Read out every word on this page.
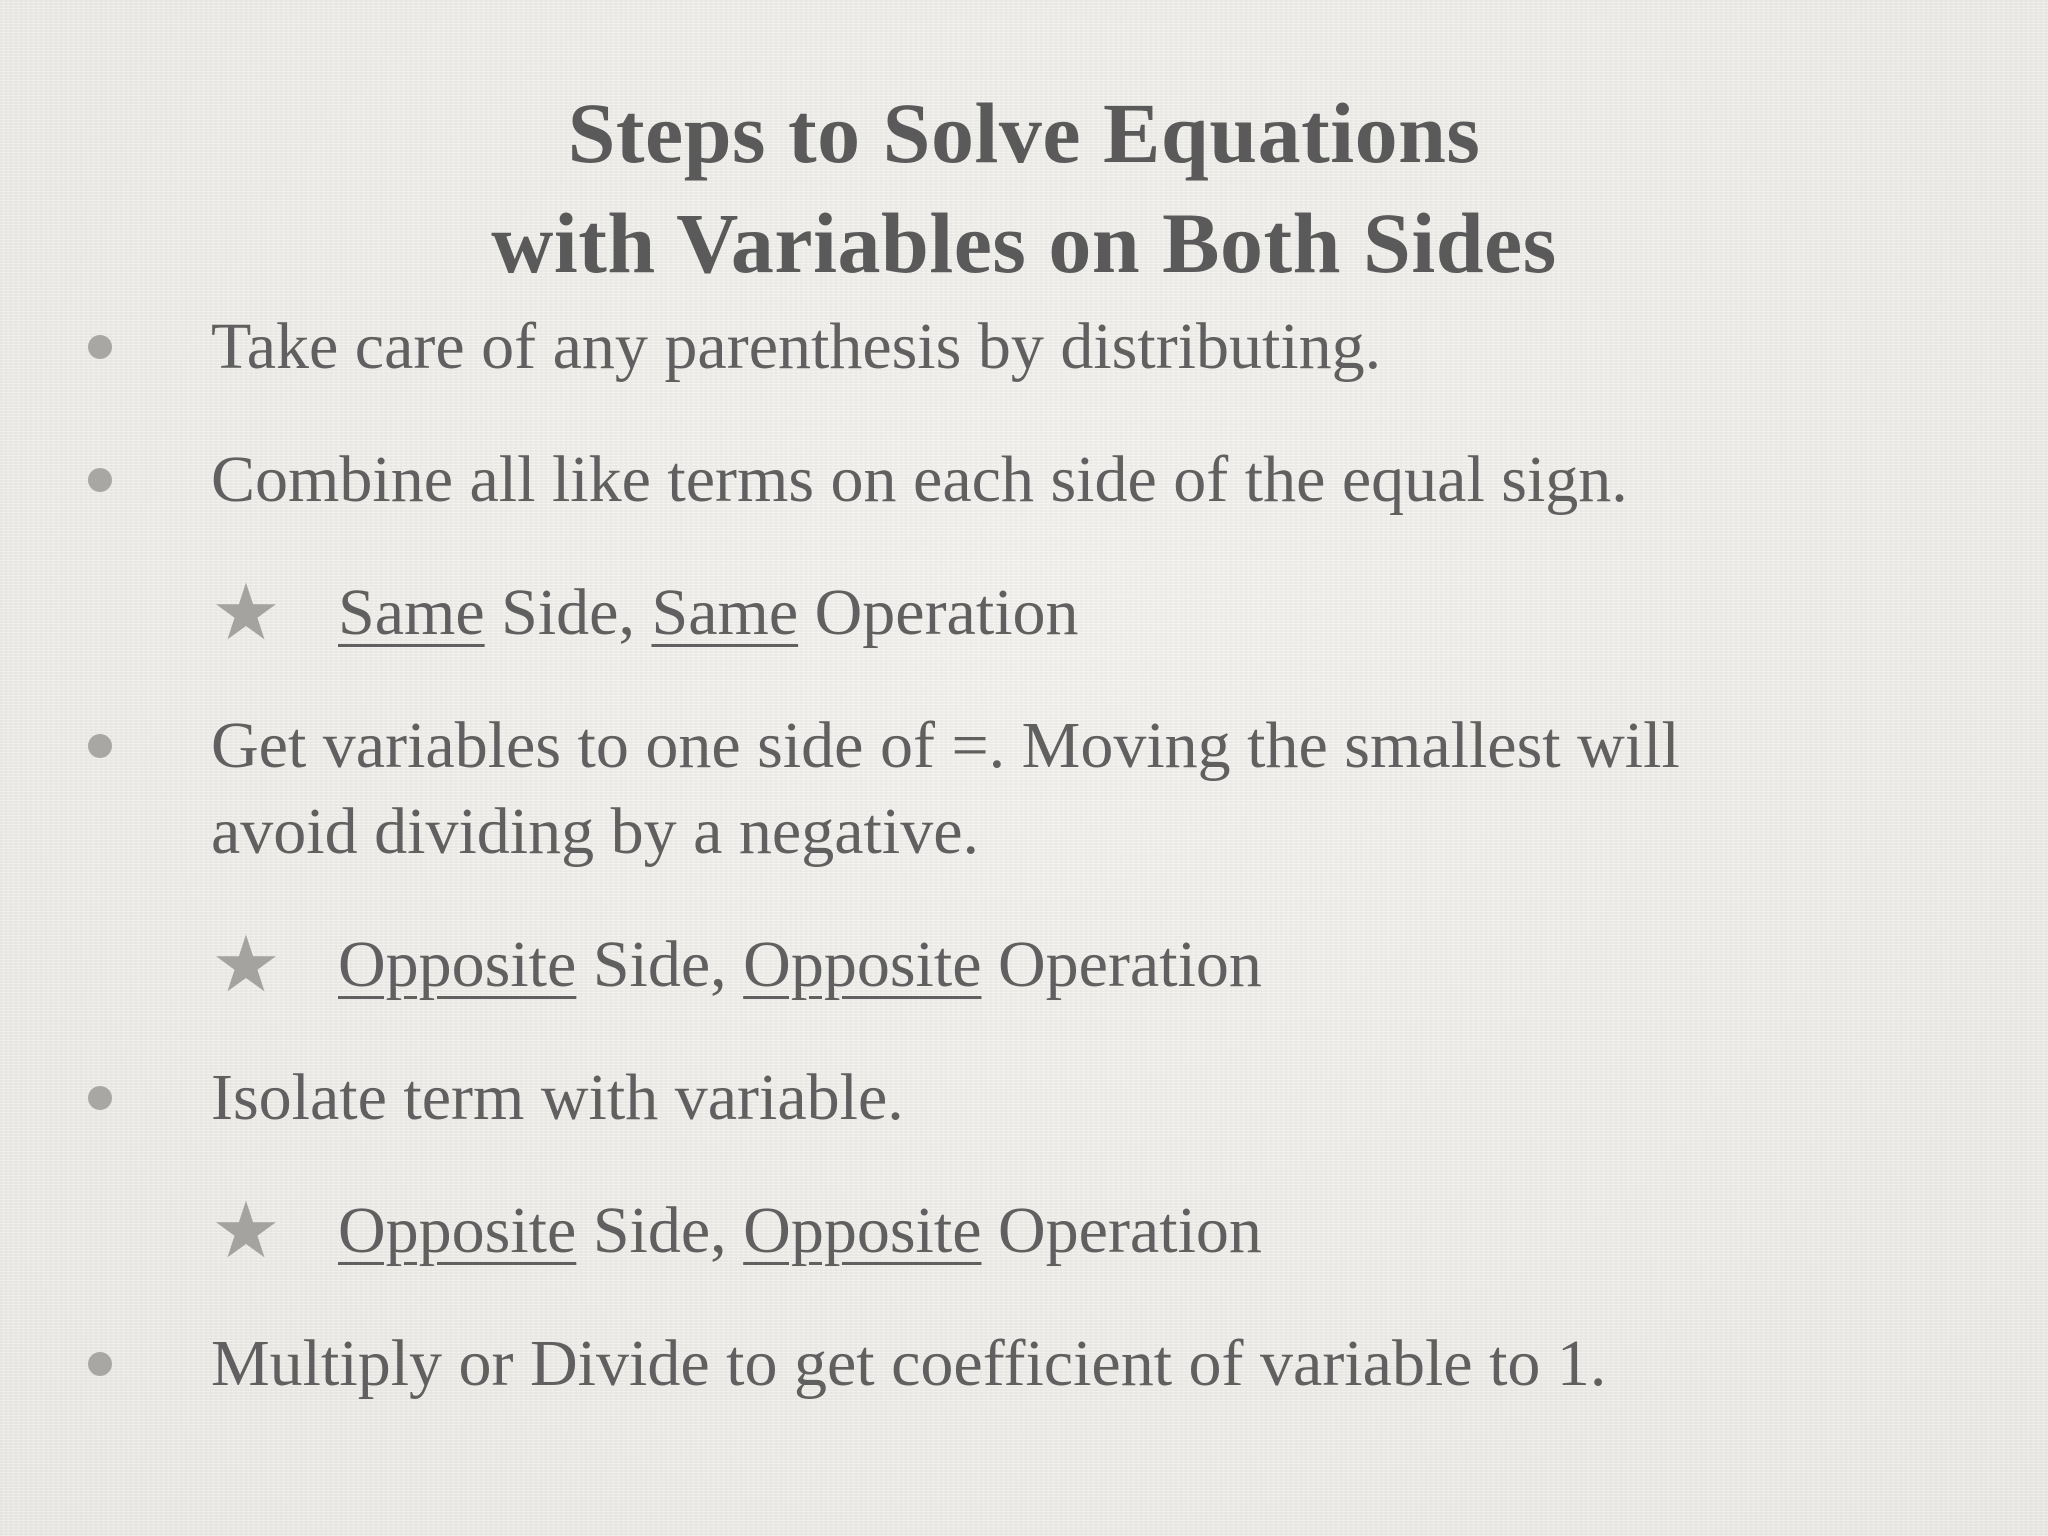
Steps to Solve Equations
with Variables on Both Sides
Take care of any parenthesis by distributing.
Combine all like terms on each side of the equal sign.
★ Same Side, Same Operation
Get variables to one side of =. Moving the smallest will
avoid dividing by a negative.
★ Opposite Side, Opposite Operation
Isolate term with variable.
★ Opposite Side, Opposite Operation
Multiply or Divide to get coefficient of variable to 1.
